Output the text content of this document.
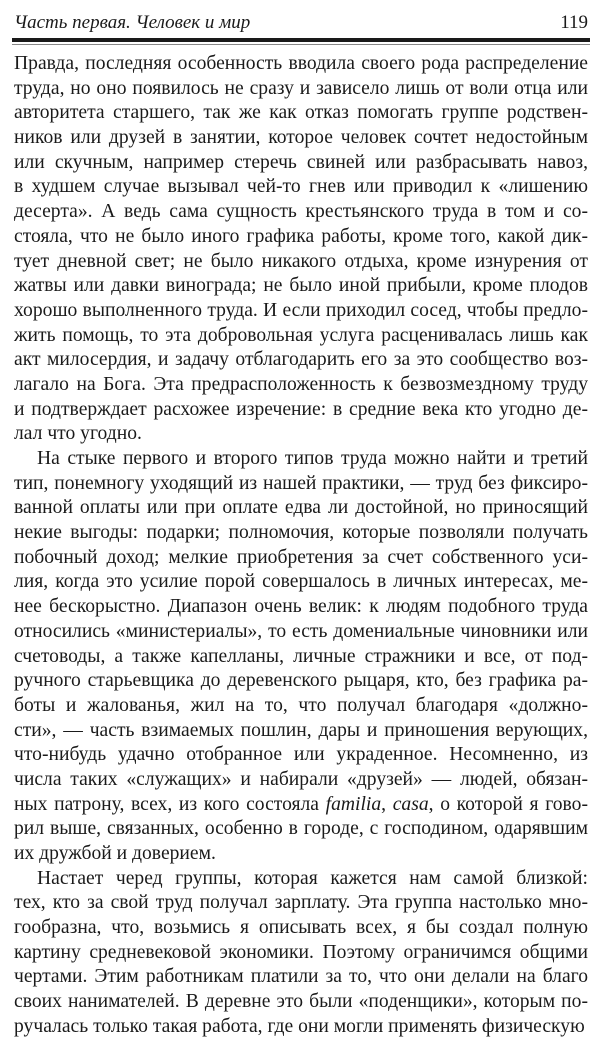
Часть первая. Человек и мир	119
Правда, последняя особенность вводила своего рода распределение
труда, но оно появилось не сразу и зависело лишь от воли отца или
авторитета старшего, так же как отказ помогать группе родствен-
ников или друзей в занятии, которое человек сочтет недостойным
или скучным, например стеречь свиней или разбрасывать навоз,
в худшем случае вызывал чей-то гнев или приводил к «лишению
десерта». А ведь сама сущность крестьянского труда в том и со-
стояла, что не было иного графика работы, кроме того, какой дик-
тует дневной свет; не было никакого отдыха, кроме изнурения от
жатвы или давки винограда; не было иной прибыли, кроме плодов
хорошо выполненного труда. И если приходил сосед, чтобы предло-
жить помощь, то эта добровольная услуга расценивалась лишь как
акт милосердия, и задачу отблагодарить его за это сообщество воз-
лагало на Бога. Эта предрасположенность к безвозмездному труду
и подтверждает расхожее изречение: в средние века кто угодно де-
лал что угодно.
На стыке первого и второго типов труда можно найти и третий
тип, понемногу уходящий из нашей практики, — труд без фиксиро-
ванной оплаты или при оплате едва ли достойной, но приносящий
некие выгоды: подарки; полномочия, которые позволяли получать
побочный доход; мелкие приобретения за счет собственного уси-
лия, когда это усилие порой совершалось в личных интересах, ме-
нее бескорыстно. Диапазон очень велик: к людям подобного труда
относились «министериалы», то есть домениальные чиновники или
счетоводы, а также капелланы, личные стражники и все, от под-
ручного старьевщика до деревенского рыцаря, кто, без графика ра-
боты и жалованья, жил на то, что получал благодаря «должно-
сти», — часть взимаемых пошлин, дары и приношения верующих,
что-нибудь удачно отобранное или украденное. Несомненно, из
числа таких «служащих» и набирали «друзей» — людей, обязан-
ных патрону, всех, из кого состояла familia, casa, о которой я гово-
рил выше, связанных, особенно в городе, с господином, одарявшим
их дружбой и доверием.
Настает черед группы, которая кажется нам самой близкой:
тех, кто за свой труд получал зарплату. Эта группа настолько мно-
гообразна, что, возьмись я описывать всех, я бы создал полную
картину средневековой экономики. Поэтому ограничимся общими
чертами. Этим работникам платили за то, что они делали на благо
своих нанимателей. В деревне это были «поденщики», которым по-
ручалась только такая работа, где они могли применять физическую
